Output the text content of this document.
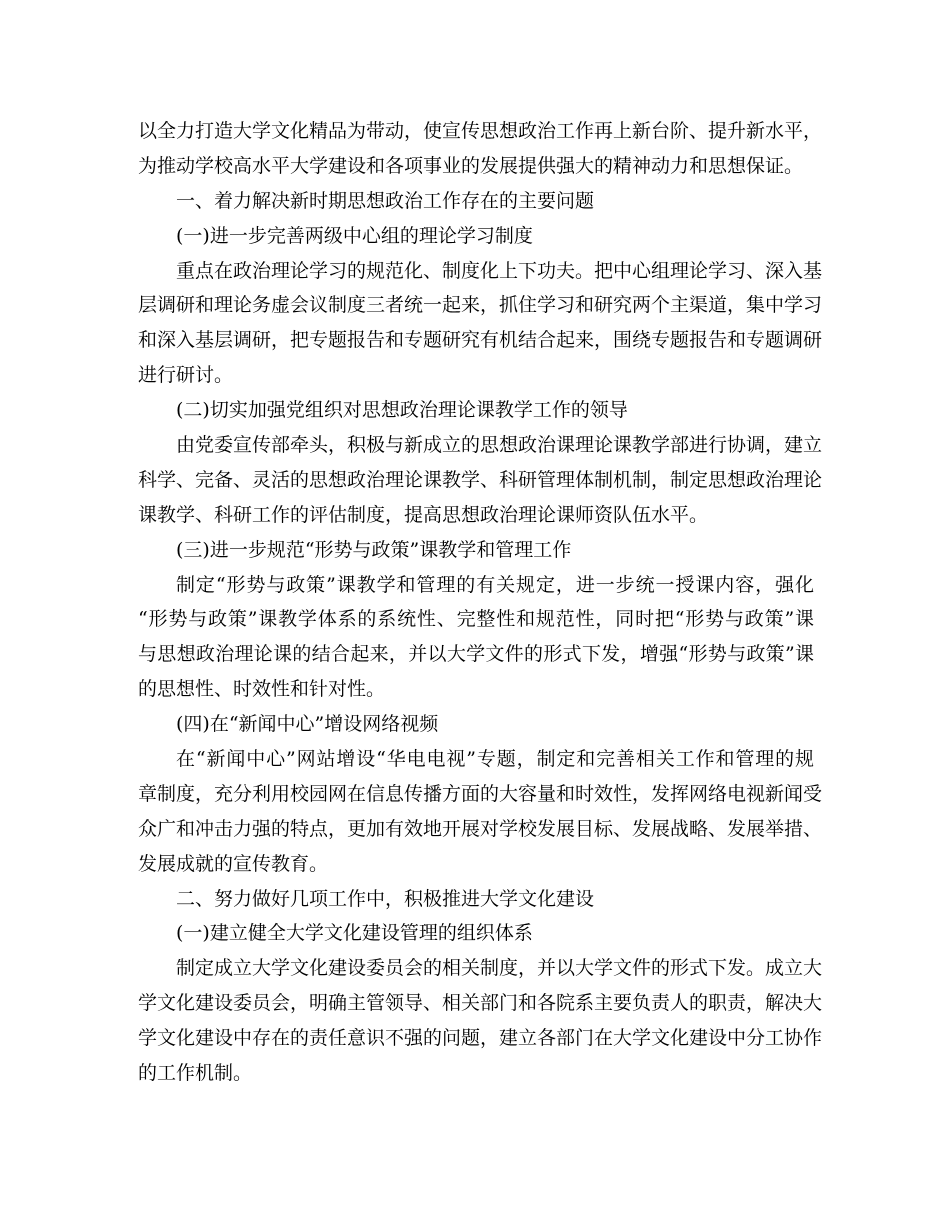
以全力打造大学文化精品为带动，使宣传思想政治工作再上新台阶、提升新水平，
为推动学校高水平大学建设和各项事业的发展提供强大的精神动力和思想保证。
一、着力解决新时期思想政治工作存在的主要问题
(一)进一步完善两级中心组的理论学习制度
重点在政治理论学习的规范化、制度化上下功夫。把中心组理论学习、深入基
层调研和理论务虚会议制度三者统一起来，抓住学习和研究两个主渠道，集中学习
和深入基层调研，把专题报告和专题研究有机结合起来，围绕专题报告和专题调研
进行研讨。
(二)切实加强党组织对思想政治理论课教学工作的领导
由党委宣传部牵头，积极与新成立的思想政治课理论课教学部进行协调，建立
科学、完备、灵活的思想政治理论课教学、科研管理体制机制，制定思想政治理论
课教学、科研工作的评估制度，提高思想政治理论课师资队伍水平。
(三)进一步规范“形势与政策”课教学和管理工作
制定“形势与政策”课教学和管理的有关规定，进一步统一授课内容，强化
“形势与政策”课教学体系的系统性、完整性和规范性，同时把“形势与政策”课
与思想政治理论课的结合起来，并以大学文件的形式下发，增强“形势与政策”课
的思想性、时效性和针对性。
(四)在“新闻中心”增设网络视频
在“新闻中心”网站增设“华电电视”专题，制定和完善相关工作和管理的规
章制度，充分利用校园网在信息传播方面的大容量和时效性，发挥网络电视新闻受
众广和冲击力强的特点，更加有效地开展对学校发展目标、发展战略、发展举措、
发展成就的宣传教育。
二、努力做好几项工作中，积极推进大学文化建设
(一)建立健全大学文化建设管理的组织体系
制定成立大学文化建设委员会的相关制度，并以大学文件的形式下发。成立大
学文化建设委员会，明确主管领导、相关部门和各院系主要负责人的职责，解决大
学文化建设中存在的责任意识不强的问题，建立各部门在大学文化建设中分工协作
的工作机制。
